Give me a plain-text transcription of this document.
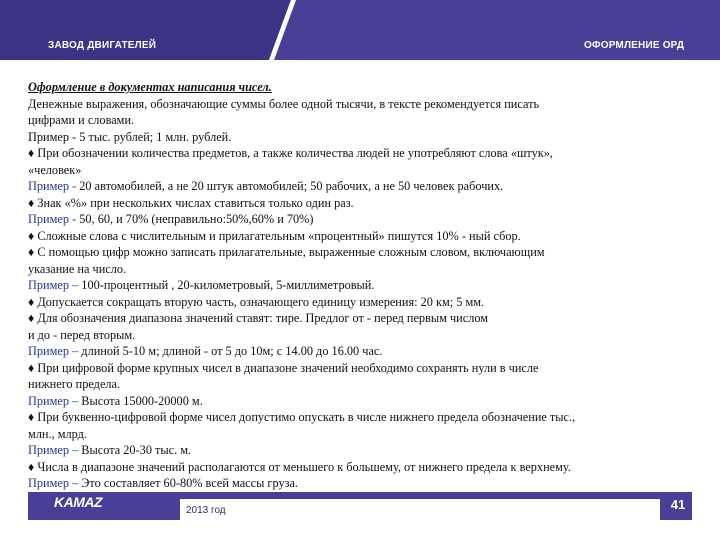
ЗАВОД ДВИГАТЕЛЕЙ	ОФОРМЛЕНИЕ ОРД
Оформление в документах написания чисел.
Денежные выражения, обозначающие суммы более одной тысячи, в тексте рекомендуется писать
цифрами и словами.
Пример - 5 тыс. рублей; 1 млн. рублей.
♦ При обозначении количества предметов, а также количества людей не употребляют слова «штук»,
«человек»
Пример - 20 автомобилей, а не 20 штук автомобилей; 50 рабочих, а не 50 человек рабочих.
♦ Знак «%» при нескольких числах ставиться только один раз.
Пример - 50, 60, и 70% (неправильно:50%,60% и 70%)
♦ Сложные слова с числительным и прилагательным «процентный» пишутся 10% - ный сбор.
♦ С помощью цифр можно записать прилагательные, выраженные сложным словом, включающим
указание на число.
Пример – 100-процентный , 20-километровый, 5-миллиметровый.
♦ Допускается сокращать вторую часть, означающего единицу измерения: 20 км; 5 мм.
♦ Для обозначения диапазона значений ставят: тире. Предлог от - перед первым числом
и до - перед вторым.
Пример – длиной 5-10 м; длиной - от 5 до 10м; с 14.00 до 16.00 час.
♦ При цифровой форме крупных чисел в диапазоне значений необходимо сохранять нули в числе
нижнего предела.
Пример – Высота 15000-20000 м.
♦ При буквенно-цифровой форме чисел допустимо опускать в числе нижнего предела обозначение тыс.,
млн., млрд.
Пример – Высота 20-30 тыс. м.
♦ Числа в диапазоне значений располагаются от меньшего к большему, от нижнего предела к верхнему.
Пример – Это составляет 60-80% всей массы груза.
KAMAZ
2013 год	41
